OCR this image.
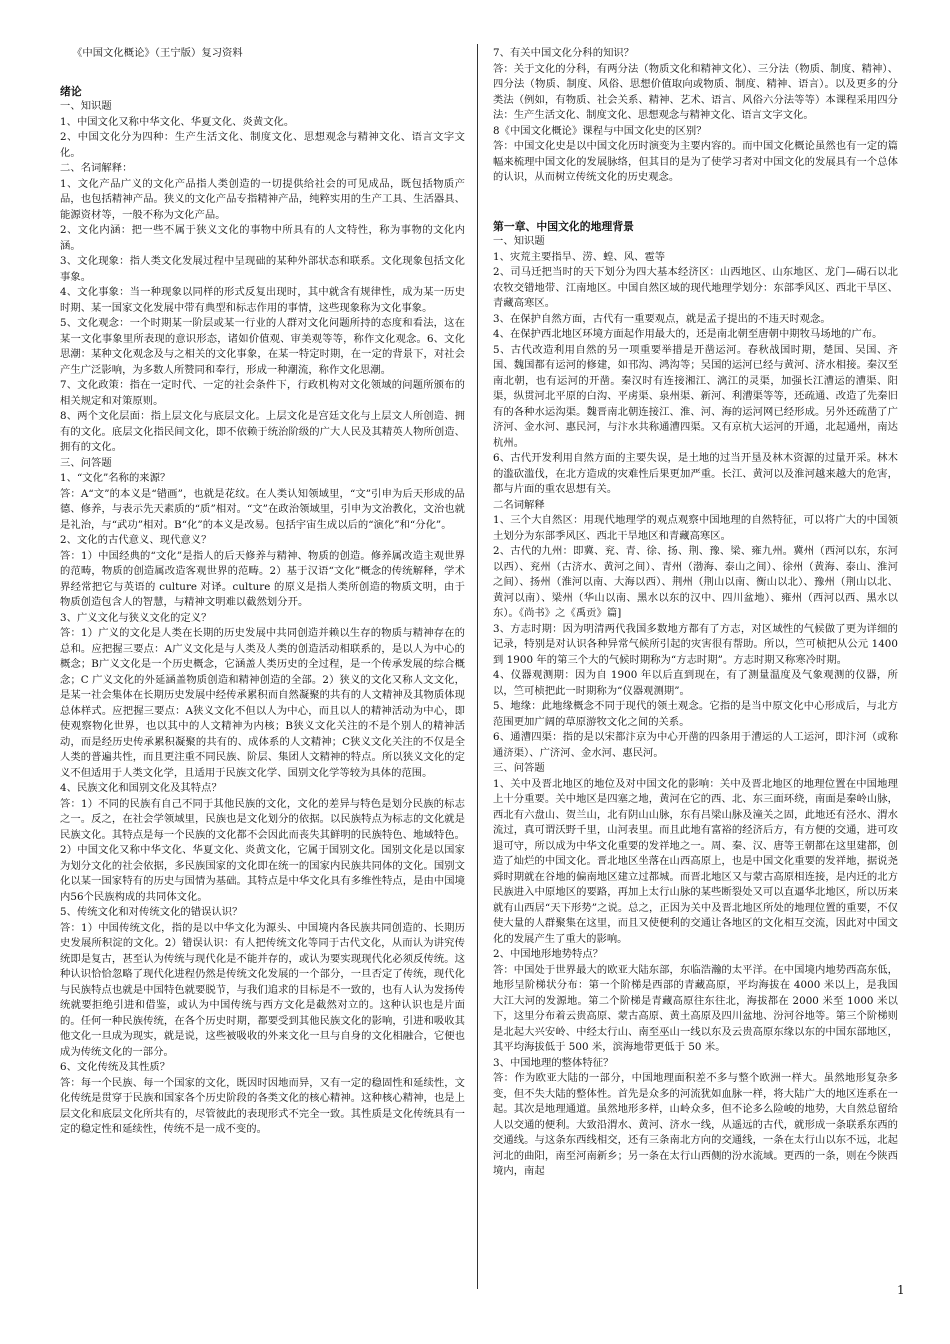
《中国文化概论》（王宁版）复习资料

绪论

一、知识题

1、中国文化又称中华文化、华夏文化、炎黄文化。

2、中国文化分为四种：生产生活文化、制度文化、思想观念与精神文化、语言文字文化。

二、名词解释：

1、文化产品广义的文化产品指人类创造的一切提供给社会的可见成品，既包括物质产品，也包括精神产品。狭义的文化产品专指精神产品，纯粹实用的生产工具、生活器具、能源资材等，一般不称为文化产品。

2、文化内涵：把一些不属于狭义文化的事物中所具有的人文特性，称为事物的文化内涵。

3、文化现象：指人类文化发展过程中呈现础的某种外部状态和联系。文化现象包括文化事象。

4、文化事象：当一种现象以同样的形式反复出现时，其中就含有规律性，成为某一历史时期、某一国家文化发展中带有典型和标志作用的事情，这些现象称为文化事象。

5、文化观念：一个时期某一阶层或某一行业的人群对文化问题所持的态度和看法，这在某一文化事象里所表现的意识形态，诸如价值观、审美观等等，称作文化观念。6、文化思潮：某种文化观念及与之相关的文化事象，在某一特定时期，在一定的背景下，对社会产生广泛影响，为多数人所赞同和奉行，形成一种潮流，称作文化思潮。

7、文化政策：指在一定时代、一定的社会条件下，行政机构对文化领域的问题所颁布的相关规定和对策原则。

8、两个文化层面：指上层文化与底层文化。上层文化是宫廷文化与上层文人所创造、拥有的文化。底层文化指民间文化，即不依赖于统治阶级的广大人民及其精英人物所创造、拥有的文化。

三、问答题

1、“文化”名称的来源？

答：A“文”的本义是“错画”，也就是花纹。在人类认知领域里，“文”引申为后天形成的品德、修养，与表示先天素质的“质”相对。“文”在政治领域里，引申为文治教化，文治也就是礼治，与“武功”相对。B“化”的本义是改易。包括宇宙生成以后的“演化”和“分化”。

2、文化的古代意义、现代意义？

答：1）中国经典的“文化”是指人的后天修养与精神、物质的创造。修养属改造主观世界的范畴，物质的创造属改造客观世界的范畴。2）基于汉语“文化”概念的传统解释，学术界经常把它与英语的 culture 对译。culture 的原义是指人类所创造的物质文明，由于物质创造包含人的智慧，与精神文明难以截然划分开。

3、广义文化与狭义文化的定义？

答：1）广义的文化是人类在长期的历史发展中共同创造并赖以生存的物质与精神存在的总和。应把握三要点：A广义文化是与人类及人类的创造活动相联系的，是以人为中心的概念；B广义文化是一个历史概念，它涵盖人类历史的全过程，是一个传承发展的综合概念；C 广义文化的外延涵盖物质创造和精神创造的全部。2）狭义的文化又称人文文化，是某一社会集体在长期历史发展中经传承累积而自然凝聚的共有的人文精神及其物质体现总体样式。应把握三要点：A狭义文化不但以人为中心，而且以人的精神活动为中心，即使观察物化世界，也以其中的人文精神为内核；B狭义文化关注的不是个别人的精神活动，而是经历史传承累积凝聚的共有的、成体系的人文精神；C狭义文化关注的不仅是全人类的普遍共性，而且更注重不同民族、阶层、集团人文精神的特点。所以狭义文化的定义不但适用于人类文化学，且适用于民族文化学、国别文化学等较为具体的范围。

4、民族文化和国别文化及其特点？

答：1）不同的民族有自己不同于其他民族的文化，文化的差异与特色是划分民族的标志之一。反之，在社会学领域里，民族也是文化划分的依据。以民族特点为标志的文化就是民族文化。其特点是每一个民族的文化都不会因此而丧失其鲜明的民族特色、地域特色。2）中国文化又称中华文化、华夏文化、炎黄文化，它属于国别文化。国别文化是以国家为划分文化的社会依据，多民族国家的文化即在统一的国家内民族共同体的文化。国别文化以某一国家特有的历史与国情为基础。其特点是中华文化具有多维性特点，是由中国境内56个民族构成的共同体文化。

5、传统文化和对传统文化的错误认识？

答：1）中国传统文化，指的是以中华文化为源头、中国境内各民族共同创造的、长期历史发展所积淀的文化。2）错误认识：有人把传统文化等同于古代文化，从而认为讲究传统即是复古，甚至认为传统与现代化是不能并存的，或认为要实现现代化必须反传统。这种认识恰恰忽略了现代化进程仍然是传统文化发展的一个部分，一旦否定了传统，现代化与民族特点也就是中国特色就要脱节，与我们追求的目标是不一致的，也有人认为发扬传统就要拒绝引进和借鉴，或认为中国传统与西方文化是截然对立的。这种认识也是片面的。任何一种民族传统，在各个历史时期，都要受到其他民族文化的影响，引进和吸收其他文化一旦成为现实，就是说，这些被吸收的外来文化一旦与自身的文化相融合，它便也成为传统文化的一部分。

6、文化传统及其性质？

答：每一个民族、每一个国家的文化，既因时因地而异，又有一定的稳固性和延续性，文化传统是贯穿于民族和国家各个历史阶段的各类文化的核心精神。这种核心精神，也是上层文化和底层文化所共有的，尽管彼此的表现形式不完全一致。其性质是文化传统具有一定的稳定性和延续性，传统不是一成不变的。

7、有关中国文化分科的知识？

答：关于文化的分科，有两分法（物质文化和精神文化）、三分法（物质、制度、精神）、四分法（物质、制度、风俗、思想价值取向或物质、制度、精神、语言）。以及更多的分类法（例如，有物质、社会关系、精神、艺术、语言、风俗六分法等等）本课程采用四分法：生产生活文化、制度文化、思想观念与精神文化、语言文字文化。

8《中国文化概论》课程与中国文化史的区别？

答：中国文化史是以中国文化历时演变为主要内容的。而中国文化概论虽然也有一定的篇幅来梳理中国文化的发展脉络，但其目的是为了使学习者对中国文化的发展具有一个总体的认识，从而树立传统文化的历史观念。

第一章、中国文化的地理背景

一、知识题

1、灾荒主要指旱、涝、蝗、风、雹等

2、司马迁把当时的天下划分为四大基本经济区：山西地区、山东地区、龙门—碣石以北农牧交错地带、江南地区。中国自然区域的现代地理学划分：东部季风区、西北干旱区、青藏高寒区。

3、在保护自然方面，古代有一重要观点，就是孟子提出的不违天时观念。

4、在保护西北地区环境方面起作用最大的，还是南北朝至唐朝中期牧马场地的广布。

5、古代改造利用自然的另一项重要举措是开凿运河。春秋战国时期，楚国、吴国、齐国、魏国都有运河的修建，如邗沟、鸿沟等；吴国的运河已经与黄河、济水相接。秦汉至南北朝，也有运河的开凿。秦汉时有连接湘江、漓江的灵渠，加强长江漕运的漕渠、阳渠，纵贯河北平原的白沟、平虏渠、泉州渠、新河、利漕渠等等，还疏通、改造了先秦旧有的各种水运沟渠。魏晋南北朝连接江、淮、河、海的运河网已经形成。另外还疏凿了广济河、金水河、惠民河，与汴水共称通漕四渠。又有京杭大运河的开通，北起通州，南达杭州。

6、古代开发利用自然方面的主要失误，是土地的过当开垦及林木资源的过量开采。林木的滥砍滥伐，在北方造成的灾难性后果更加严重。长江、黄河以及淮河越来越大的危害，都与片面的重农思想有关。

二名词解释

1、三个大自然区：用现代地理学的观点观察中国地理的自然特征，可以将广大的中国领土划分为东部季风区、西北干旱地区和青藏高寒区。

2、古代的九州：即冀、兖、青、徐、扬、荆、豫、梁、雍九州。冀州（西河以东，东河以西）、兖州（古济水、黄河之间）、青州（渤海、泰山之间）、徐州（黄海、泰山、淮河之间）、扬州（淮河以南、大海以西）、荆州（荆山以南、衡山以北）、豫州（荆山以北、黄河以南）、梁州（华山以南、黑水以东的汉中、四川盆地）、雍州（西河以西、黑水以东）。《尚书》之《禹贡》篇]

3、方志时期：因为明清两代我国多数地方都有了方志，对区域性的气候做了更为详细的记录，特别是对认识各种异常气候所引起的灾害很有帮助。所以，竺可桢把从公元 1400 到 1900 年的第三个大的气候时期称为“方志时期”。方志时期又称寒冷时期。

4、仪器观测期：因为自 1900 年以后直到现在，有了测量温度及气象观测的仪器，所以，竺可桢把此一时期称为“仪器观测期”。

5、地缘：此地缘概念不同于现代的领土观念。它指的是当中原文化中心形成后，与北方范围更加广阔的草原游牧文化之间的关系。

6、通漕四渠：指的是以宋都汴京为中心开凿的四条用于漕运的人工运河，即汴河（或称通济渠）、广济河、金水河、惠民河。

三、问答题

1、关中及晋北地区的地位及对中国文化的影响：关中及晋北地区的地理位置在中国地理上十分重要。关中地区是四塞之地，黄河在它的西、北、东三面环绕，南面是秦岭山脉，西北有六盘山、贺兰山，北有阴山山脉，东有吕梁山脉及潼关之固，此地还有泾水、渭水流过，真可谓沃野千里，山河表里。而且此地有富裕的经济后方，有方便的交通，进可攻退可守，所以成为中华文化重要的发祥地之一。周、秦、汉、唐等王朝都在这里建都，创造了灿烂的中国文化。晋北地区坐落在山西高原上，也是中国文化重要的发祥地，据说尧舜时期就在谷地的偏南地区建立过都城。而晋北地区又与蒙古高原相连接，是内迁的北方民族进入中原地区的要路，再加上太行山脉的某些断裂处又可以直逼华北地区，所以历来就有山西居“天下形势”之说。总之，正因为关中及晋北地区所处的地理位置的重要，不仅使大量的人群聚集在这里，而且又使便利的交通让各地区的文化相互交流，因此对中国文化的发展产生了重大的影响。

2、中国地形地势特点？

答：中国处于世界最大的欧亚大陆东部，东临浩瀚的太平洋。在中国境内地势西高东低，地形呈阶梯状分布：第一个阶梯是西部的青藏高原，平均海拔在 4000 米以上，是我国大江大河的发源地。第二个阶梯是青藏高原往东往北，海拔都在 2000 米至 1000 米以下，这里分布着云贵高原、蒙古高原、黄土高原及四川盆地、汾河谷地等。第三个阶梯则是北起大兴安岭、中经太行山、南至巫山一线以东及云贵高原东缘以东的中国东部地区，其平均海拔低于 500 米，滨海地带更低于 50 米。

3、中国地理的整体特征？

答：作为欧亚大陆的一部分，中国地理面积差不多与整个欧洲一样大。虽然地形复杂多变，但不失大陆的整体性。首先是众多的河流犹如血脉一样，将大陆广大的地区连系在一起。其次是地理通道。虽然地形多样，山岭众多，但不论多么险峻的地势，大自然总留给人以交通的便利。大致沿渭水、黄河、济水一线，从遥远的古代，就形成一条联系东西的交通线。与这条东西线相交，还有三条南北方向的交通线，一条在太行山以东不远，北起河北的曲阳，南至河南新乡；另一条在太行山西侧的汾水流域。更西的一条，则在今陕西境内，南起

1
